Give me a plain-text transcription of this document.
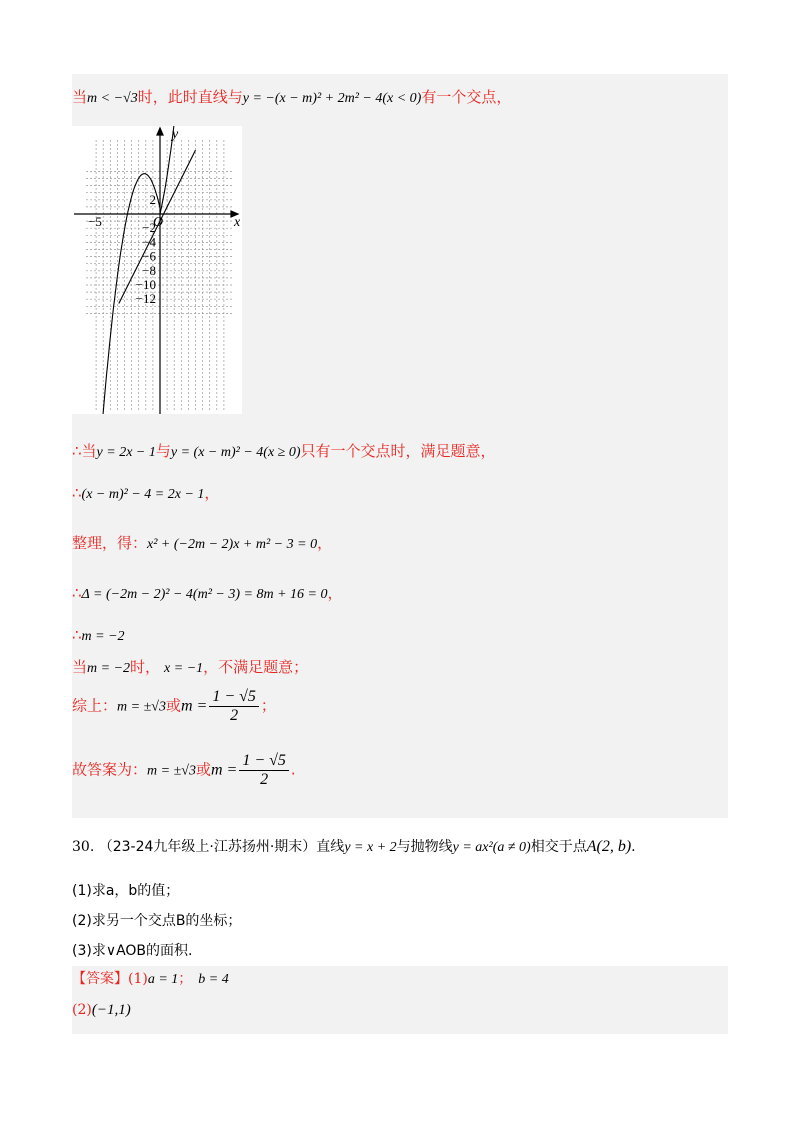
当m < −√3时，此时直线与y = −(x − m)² + 2m² − 4(x < 0)有一个交点，
2
−2
−4
−6
−8
−10
−12
x
y
O
−5
∴当y = 2x − 1与y = (x − m)² − 4(x ≥ 0)只有一个交点时，满足题意，
∴(x − m)² − 4 = 2x − 1，
整理，得：x² + (−2m − 2)x + m² − 3 = 0，
∴Δ = (−2m − 2)² − 4(m² − 3) = 8m + 16 = 0，
∴m = −2
当m = −2时， x = −1，不满足题意；
综上：m = ±√3或$m = \frac{1 - √5}{2}$ ；
故答案为：m = ±√3或$m = \frac{1 - √5}{2}$ .
30. （23-24九年级上·江苏扬州·期末）直线y = x + 2与抛物线y = ax²(a ≠ 0)相交于点A(2, b).
(1)求a，b的值；
(2)求另一个交点B的坐标；
(3)求∨AOB的面积.
【答案】(1)a = 1； b = 4
(2)(−1,1)
